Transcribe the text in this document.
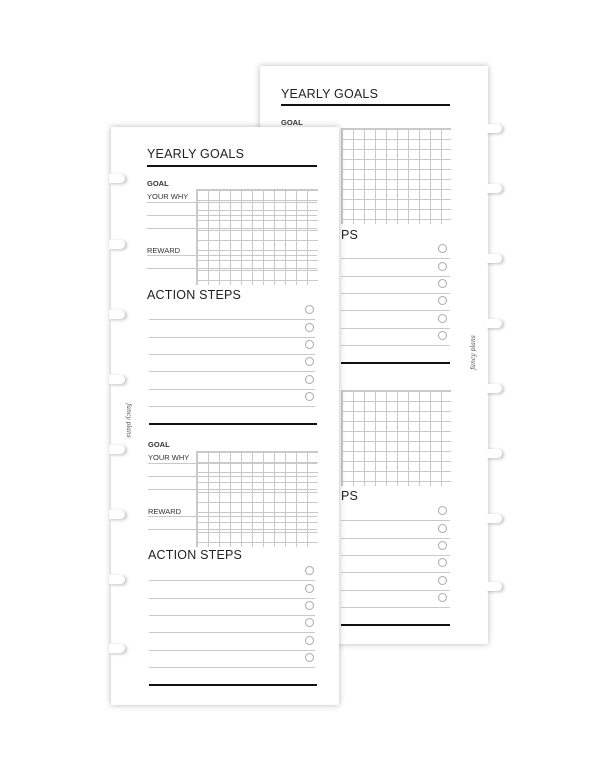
YEARLY GOALS
GOAL
PS
PS
fancy plans
YEARLY GOALS
GOAL
YOUR WHY
REWARD
ACTION STEPS
GOAL
YOUR WHY
REWARD
ACTION STEPS
fancy plans
